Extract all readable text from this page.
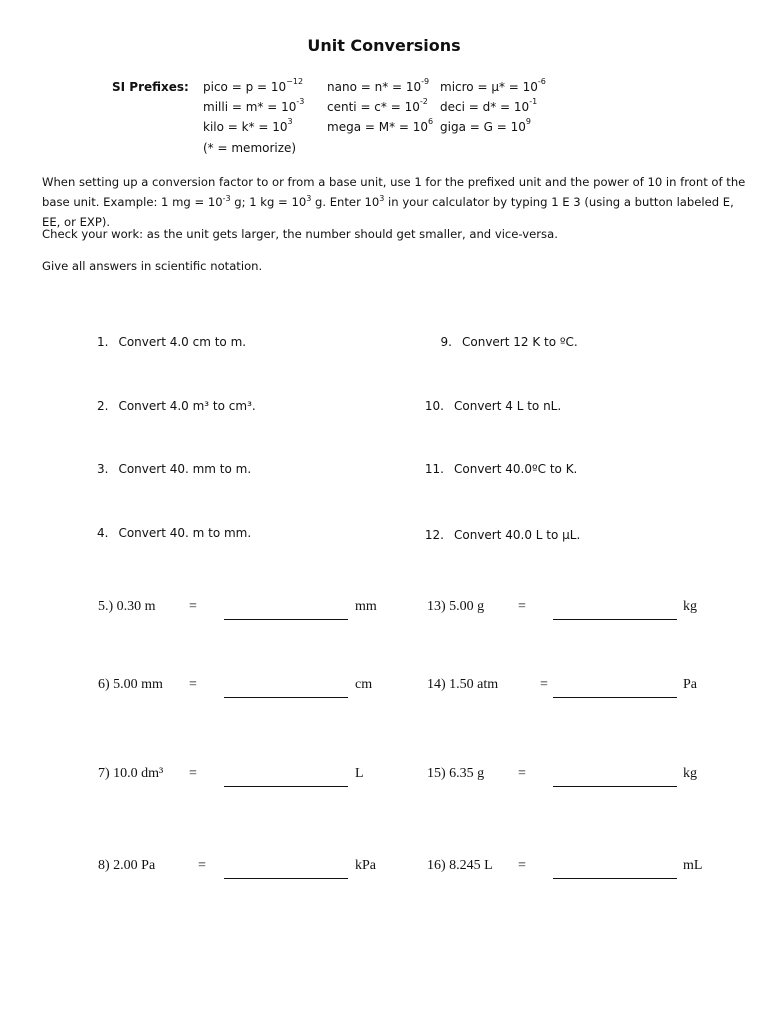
Unit Conversions
SI Prefixes: pico = $p = 10^{-12}$ nano = $n* = 10^{-9}$ micro = $\mu* = 10^{-6}$
milli = $m* = 10^{-3}$ centi = $c* = 10^{-2}$ deci = $d* = 10^{-1}$
kilo = $k* = 10^3$	mega = $M* = 10^6$ giga = $G = 10^9$
(* = memorize)
When setting up a conversion factor to or from a base unit, use 1 for the prefixed unit and the power of 10 in front of the base unit. Example: 1 mg = $10^{-3}$ g; 1 kg = $10^3$ g. Enter $10^3$ in your calculator by typing 1 E 3 (using a button labeled E, EE, or EXP).
Check your work: as the unit gets larger, the number should get smaller, and vice-versa.
Give all answers in scientific notation.
1. Convert 4.0 cm to m.
2. Convert 4.0 m³ to cm³.
3. Convert 40. mm to m.
4. Convert 40. m to mm.
9. Convert 12 K to ºC.
10. Convert 4 L to nL.
11. Convert 40.0ºC to K.
12. Convert 40.0 L to µL.
5.) 0.30 m =	mm
6) 5.00 mm =	cm
7) 10.0 dm³ =	L
8) 2.00 Pa	=	kPa
13) 5.00 g =	kg
14) 1.50 atm	=	Pa
15) 6.35 g =	kg
16) 8.245 L =	mL
